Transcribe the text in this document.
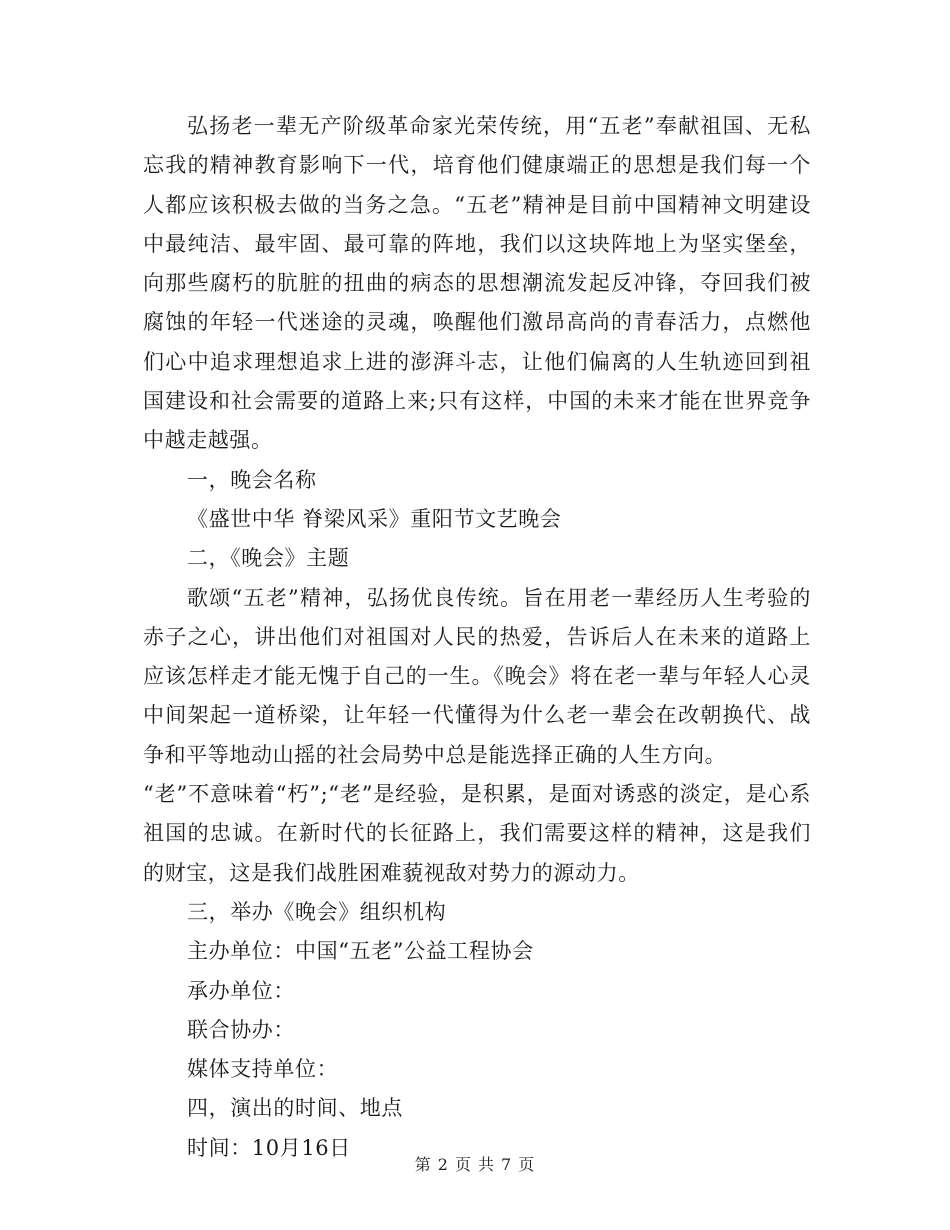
弘扬老一辈无产阶级革命家光荣传统，用“五老”奉献祖国、无私忘我的精神教育影响下一代，培育他们健康端正的思想是我们每一个人都应该积极去做的当务之急。“五老”精神是目前中国精神文明建设中最纯洁、最牢固、最可靠的阵地，我们以这块阵地上为坚实堡垒，向那些腐朽的肮脏的扭曲的病态的思想潮流发起反冲锋，夺回我们被腐蚀的年轻一代迷途的灵魂，唤醒他们激昂高尚的青春活力，点燃他们心中追求理想追求上进的澎湃斗志，让他们偏离的人生轨迹回到祖国建设和社会需要的道路上来;只有这样，中国的未来才能在世界竞争中越走越强。

一，晚会名称

《盛世中华 脊梁风采》重阳节文艺晚会

二，《晚会》主题

歌颂“五老”精神，弘扬优良传统。旨在用老一辈经历人生考验的赤子之心，讲出他们对祖国对人民的热爱，告诉后人在未来的道路上应该怎样走才能无愧于自己的一生。《晚会》将在老一辈与年轻人心灵中间架起一道桥梁，让年轻一代懂得为什么老一辈会在改朝换代、战争和平等地动山摇的社会局势中总是能选择正确的人生方向。

“老”不意味着“朽”;“老”是经验，是积累，是面对诱惑的淡定，是心系祖国的忠诚。在新时代的长征路上，我们需要这样的精神，这是我们的财宝，这是我们战胜困难藐视敌对势力的源动力。

三，举办《晚会》组织机构

主办单位：中国“五老”公益工程协会

承办单位：

联合协办：

媒体支持单位：

四，演出的时间、地点

时间：10月16日

第 2 页 共 7 页
